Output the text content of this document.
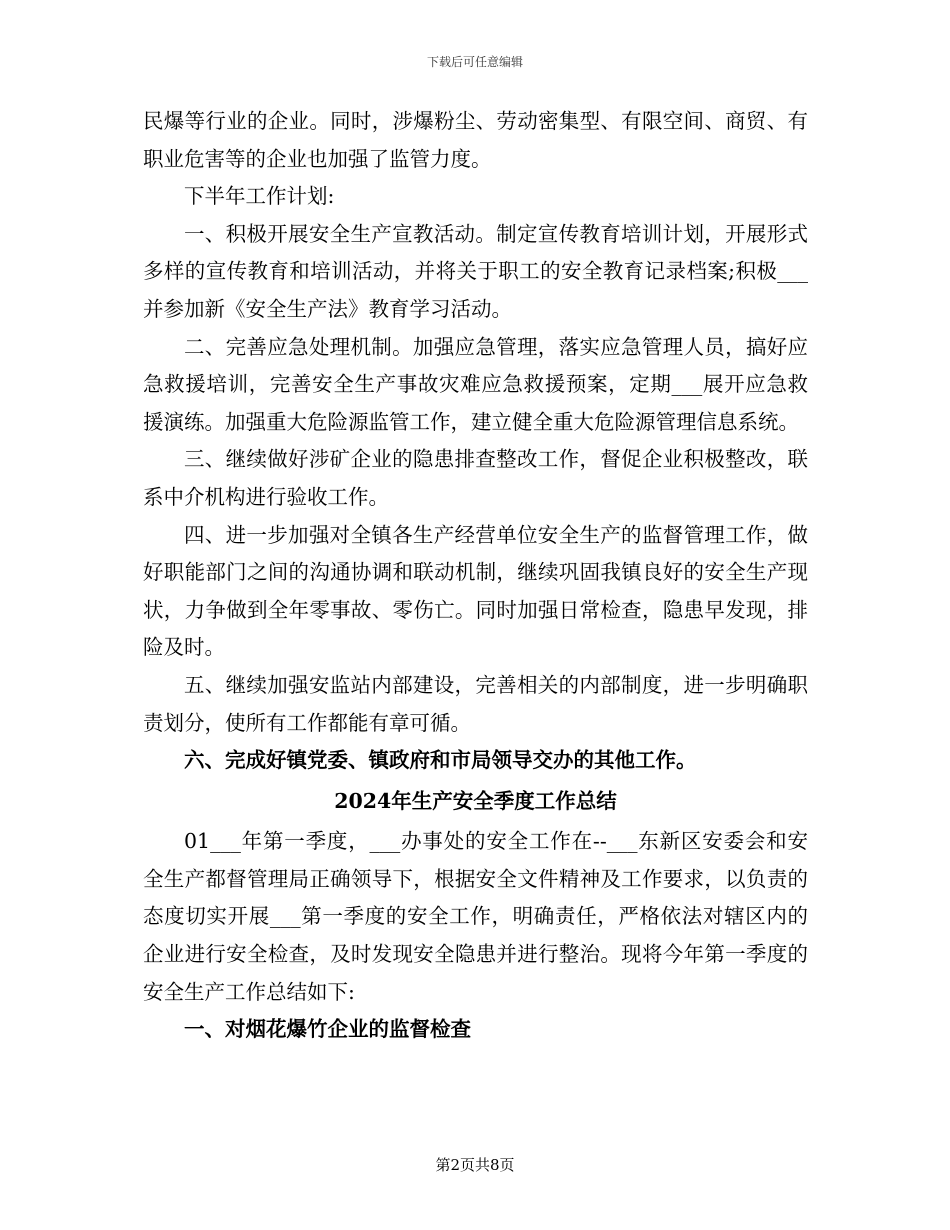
下载后可任意编辑

民爆等行业的企业。同时，涉爆粉尘、劳动密集型、有限空间、商贸、有职业危害等的企业也加强了监管力度。

下半年工作计划:

一、积极开展安全生产宣教活动。制定宣传教育培训计划，开展形式多样的宣传教育和培训活动，并将关于职工的安全教育记录档案;积极___并参加新《安全生产法》教育学习活动。

二、完善应急处理机制。加强应急管理，落实应急管理人员，搞好应急救援培训，完善安全生产事故灾难应急救援预案，定期___展开应急救援演练。加强重大危险源监管工作，建立健全重大危险源管理信息系统。

三、继续做好涉矿企业的隐患排查整改工作，督促企业积极整改，联系中介机构进行验收工作。

四、进一步加强对全镇各生产经营单位安全生产的监督管理工作，做好职能部门之间的沟通协调和联动机制，继续巩固我镇良好的安全生产现状，力争做到全年零事故、零伤亡。同时加强日常检查，隐患早发现，排险及时。

五、继续加强安监站内部建设，完善相关的内部制度，进一步明确职责划分，使所有工作都能有章可循。

六、完成好镇党委、镇政府和市局领导交办的其他工作。

2024年生产安全季度工作总结

01___年第一季度，___办事处的安全工作在--___东新区安委会和安全生产都督管理局正确领导下，根据安全文件精神及工作要求，以负责的态度切实开展___第一季度的安全工作，明确责任，严格依法对辖区内的企业进行安全检查，及时发现安全隐患并进行整治。现将今年第一季度的安全生产工作总结如下:

一、对烟花爆竹企业的监督检查

第2页共8页
